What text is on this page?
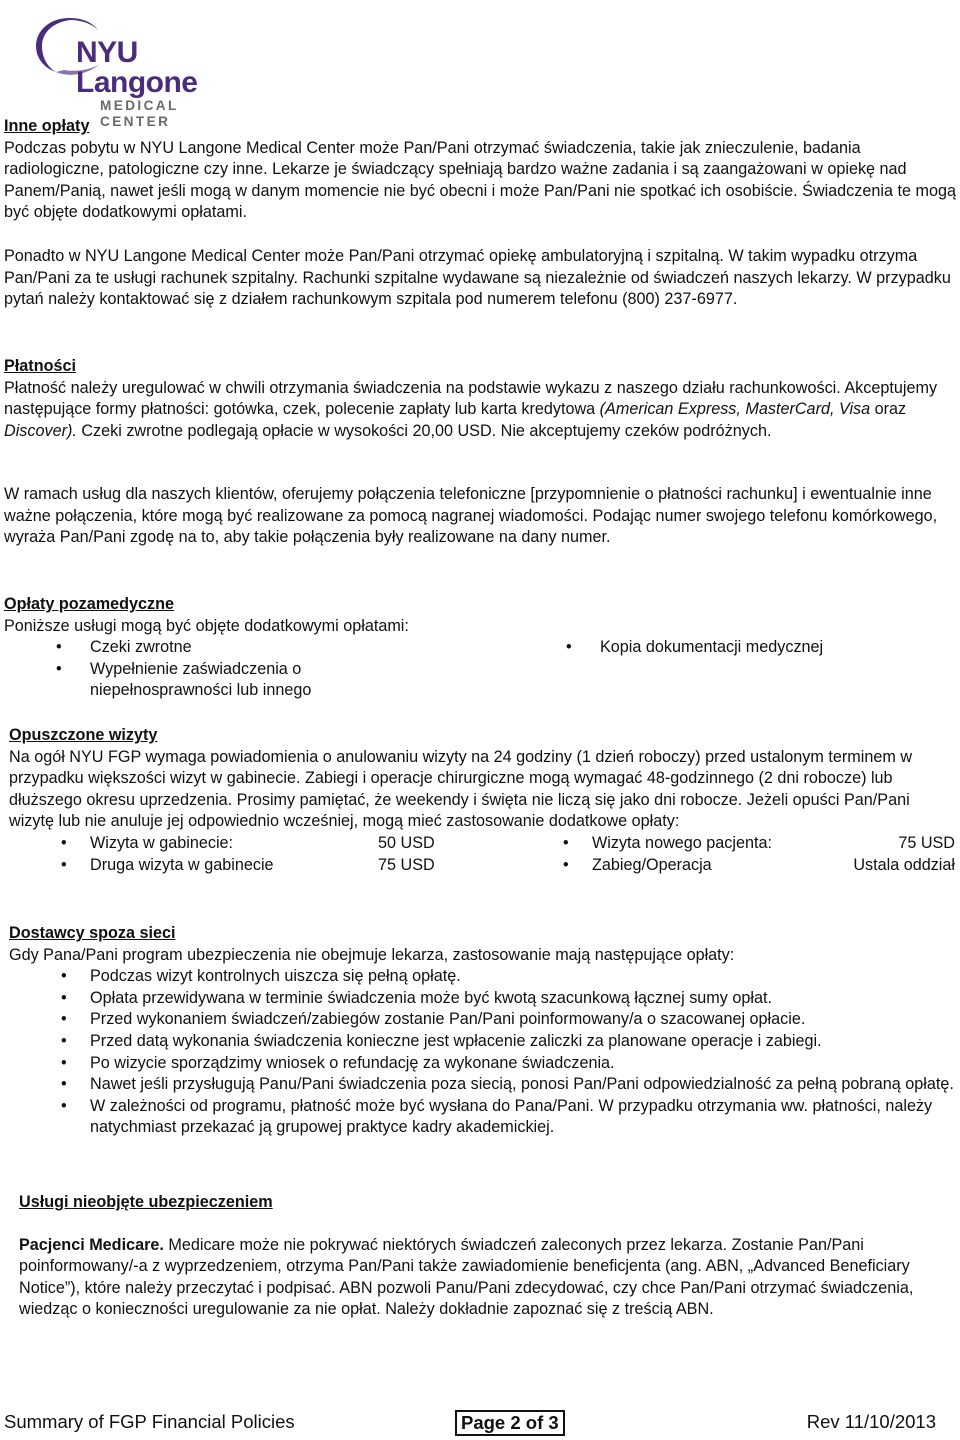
NYU Langone
MEDICAL CENTER

Inne opłaty

Podczas pobytu w NYU Langone Medical Center może Pan/Pani otrzymać świadczenia, takie jak znieczulenie, badania radiologiczne, patologiczne czy inne. Lekarze je świadczący spełniają bardzo ważne zadania i są zaangażowani w opiekę nad Panem/Panią, nawet jeśli mogą w danym momencie nie być obecni i może Pan/Pani nie spotkać ich osobiście. Świadczenia te mogą być objęte dodatkowymi opłatami.

Ponadto w NYU Langone Medical Center może Pan/Pani otrzymać opiekę ambulatoryjną i szpitalną. W takim wypadku otrzyma Pan/Pani za te usługi rachunek szpitalny. Rachunki szpitalne wydawane są niezależnie od świadczeń naszych lekarzy. W przypadku pytań należy kontaktować się z działem rachunkowym szpitala pod numerem telefonu (800) 237-6977.

Płatności

Płatność należy uregulować w chwili otrzymania świadczenia na podstawie wykazu z naszego działu rachunkowości. Akceptujemy następujące formy płatności: gotówka, czek, polecenie zapłaty lub karta kredytowa (American Express, MasterCard, Visa oraz Discover). Czeki zwrotne podlegają opłacie w wysokości 20,00 USD. Nie akceptujemy czeków podróżnych.

W ramach usług dla naszych klientów, oferujemy połączenia telefoniczne [przypomnienie o płatności rachunku] i ewentualnie inne ważne połączenia, które mogą być realizowane za pomocą nagranej wiadomości. Podając numer swojego telefonu komórkowego, wyraża Pan/Pani zgodę na to, aby takie połączenia były realizowane na dany numer.

Opłaty pozamedyczne

Poniższe usługi mogą być objęte dodatkowymi opłatami:

• Czeki zwrotne
• Wypełnienie zaświadczenia o niepełnosprawności lub innego
• Kopia dokumentacji medycznej

Opuszczone wizyty

Na ogół NYU FGP wymaga powiadomienia o anulowaniu wizyty na 24 godziny (1 dzień roboczy) przed ustalonym terminem w przypadku większości wizyt w gabinecie. Zabiegi i operacje chirurgiczne mogą wymagać 48-godzinnego (2 dni robocze) lub dłuższego okresu uprzedzenia. Prosimy pamiętać, że weekendy i święta nie liczą się jako dni robocze. Jeżeli opuści Pan/Pani wizytę lub nie anuluje jej odpowiednio wcześniej, mogą mieć zastosowanie dodatkowe opłaty:

• Wizyta w gabinecie:	50 USD	• Wizyta nowego pacjenta:	75 USD
• Druga wizyta w gabinecie	75 USD	• Zabieg/Operacja	Ustala oddział

Dostawcy spoza sieci

Gdy Pana/Pani program ubezpieczenia nie obejmuje lekarza, zastosowanie mają następujące opłaty:

• Podczas wizyt kontrolnych uiszcza się pełną opłatę.
• Opłata przewidywana w terminie świadczenia może być kwotą szacunkową łącznej sumy opłat.
• Przed wykonaniem świadczeń/zabiegów zostanie Pan/Pani poinformowany/a o szacowanej opłacie.
• Przed datą wykonania świadczenia konieczne jest wpłacenie zaliczki za planowane operacje i zabiegi.
• Po wizycie sporządzimy wniosek o refundację za wykonane świadczenia.
• Nawet jeśli przysługują Panu/Pani świadczenia poza siecią, ponosi Pan/Pani odpowiedzialność za pełną pobraną opłatę.
• W zależności od programu, płatność może być wysłana do Pana/Pani. W przypadku otrzymania ww. płatności, należy natychmiast przekazać ją grupowej praktyce kadry akademickiej.

Usługi nieobjęte ubezpieczeniem

Pacjenci Medicare. Medicare może nie pokrywać niektórych świadczeń zaleconych przez lekarza. Zostanie Pan/Pani poinformowany/-a z wyprzedzeniem, otrzyma Pan/Pani także zawiadomienie beneficjenta (ang. ABN, „Advanced Beneficiary Notice”), które należy przeczytać i podpisać. ABN pozwoli Panu/Pani zdecydować, czy chce Pan/Pani otrzymać świadczenia, wiedząc o konieczności uregulowanie za nie opłat. Należy dokładnie zapoznać się z treścią ABN.

Summary of FGP Financial Policies	Page 2 of 3	Rev 11/10/2013
